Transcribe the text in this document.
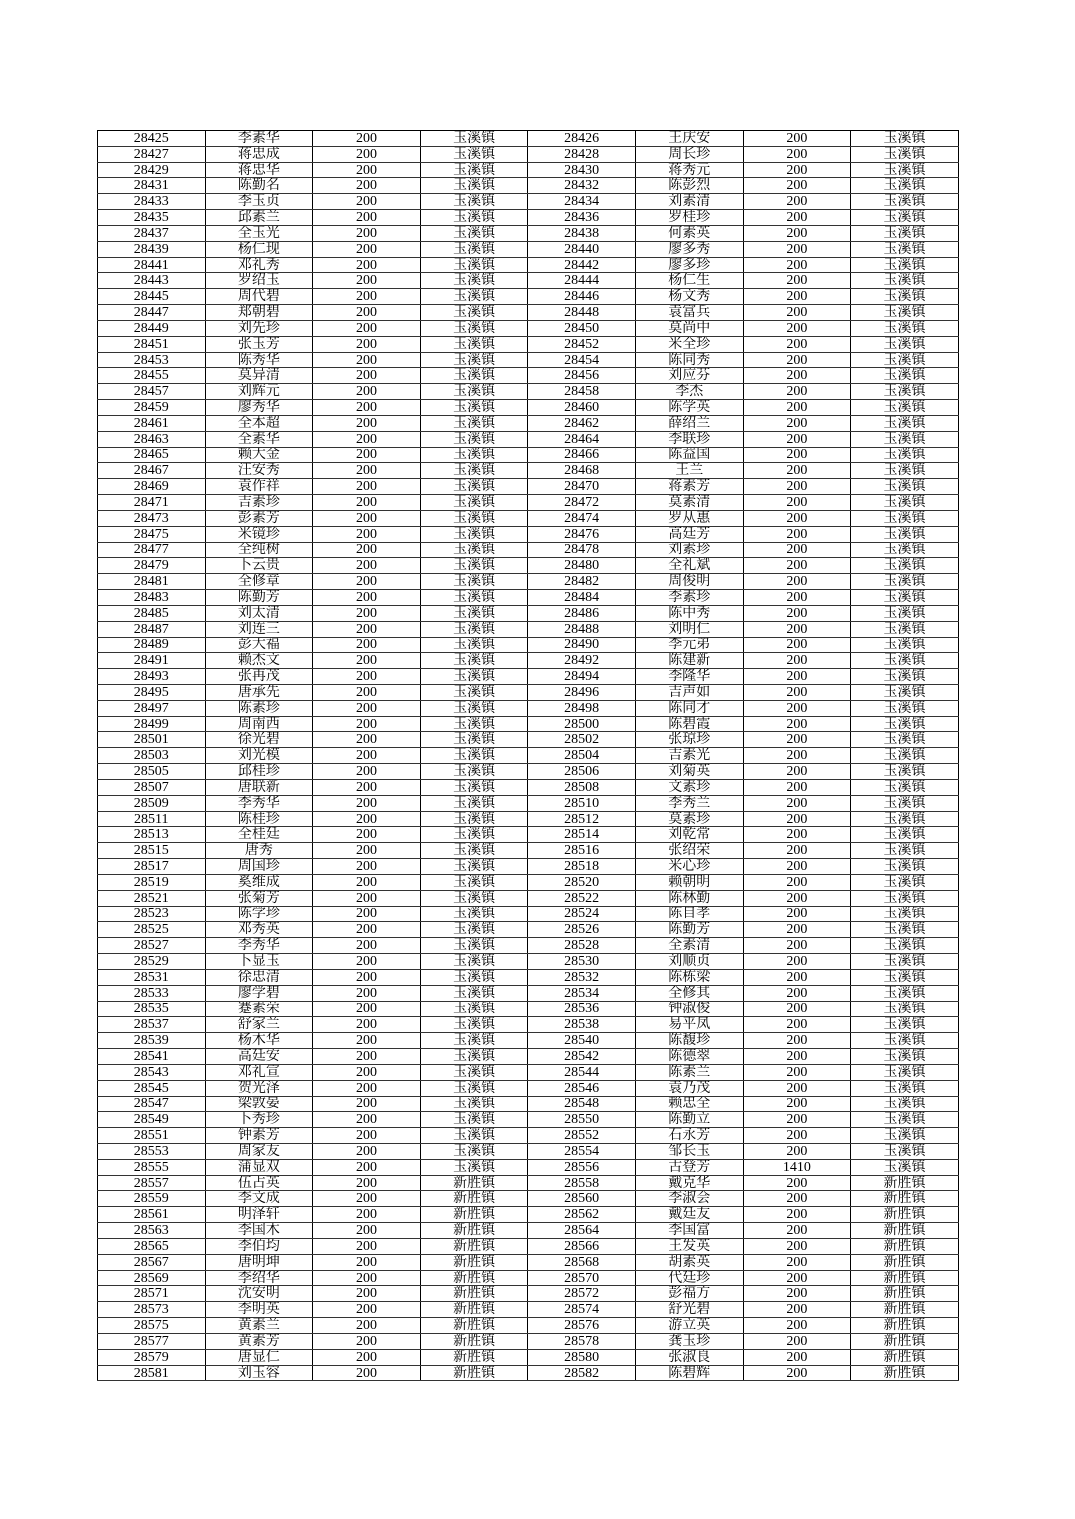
28425	李素华	200	玉溪镇	28426	王庆安	200	玉溪镇
28427	蒋忠成	200	玉溪镇	28428	周长珍	200	玉溪镇
28429	蒋忠华	200	玉溪镇	28430	蒋秀元	200	玉溪镇
28431	陈勤名	200	玉溪镇	28432	陈彭烈	200	玉溪镇
28433	李玉贞	200	玉溪镇	28434	刘素清	200	玉溪镇
28435	邱素兰	200	玉溪镇	28436	罗桂珍	200	玉溪镇
28437	全玉光	200	玉溪镇	28438	何素英	200	玉溪镇
28439	杨仁现	200	玉溪镇	28440	廖多秀	200	玉溪镇
28441	邓礼秀	200	玉溪镇	28442	廖多珍	200	玉溪镇
28443	罗绍玉	200	玉溪镇	28444	杨仁生	200	玉溪镇
28445	周代碧	200	玉溪镇	28446	杨文秀	200	玉溪镇
28447	郑朝碧	200	玉溪镇	28448	袁富兵	200	玉溪镇
28449	刘先珍	200	玉溪镇	28450	莫尚中	200	玉溪镇
28451	张玉芳	200	玉溪镇	28452	米全珍	200	玉溪镇
28453	陈秀华	200	玉溪镇	28454	陈同秀	200	玉溪镇
28455	莫异清	200	玉溪镇	28456	刘应芬	200	玉溪镇
28457	刘辉元	200	玉溪镇	28458	李杰	200	玉溪镇
28459	廖秀华	200	玉溪镇	28460	陈学英	200	玉溪镇
28461	全本超	200	玉溪镇	28462	薛绍兰	200	玉溪镇
28463	全素华	200	玉溪镇	28464	李联珍	200	玉溪镇
28465	赖大金	200	玉溪镇	28466	陈益国	200	玉溪镇
28467	汪安秀	200	玉溪镇	28468	王兰	200	玉溪镇
28469	袁作祥	200	玉溪镇	28470	蒋素芳	200	玉溪镇
28471	吉素珍	200	玉溪镇	28472	莫素清	200	玉溪镇
28473	彭素芳	200	玉溪镇	28474	罗从惠	200	玉溪镇
28475	米镜珍	200	玉溪镇	28476	高廷芳	200	玉溪镇
28477	全纯树	200	玉溪镇	28478	刘素珍	200	玉溪镇
28479	卜云贵	200	玉溪镇	28480	全礼斌	200	玉溪镇
28481	全修章	200	玉溪镇	28482	周俊明	200	玉溪镇
28483	陈勤芳	200	玉溪镇	28484	李素珍	200	玉溪镇
28485	刘太清	200	玉溪镇	28486	陈中秀	200	玉溪镇
28487	刘连三	200	玉溪镇	28488	刘明仁	200	玉溪镇
28489	彭大福	200	玉溪镇	28490	李元弟	200	玉溪镇
28491	赖杰文	200	玉溪镇	28492	陈建新	200	玉溪镇
28493	张再茂	200	玉溪镇	28494	李隆华	200	玉溪镇
28495	唐承先	200	玉溪镇	28496	吉声如	200	玉溪镇
28497	陈素珍	200	玉溪镇	28498	陈同才	200	玉溪镇
28499	周南西	200	玉溪镇	28500	陈碧霞	200	玉溪镇
28501	徐光碧	200	玉溪镇	28502	张琼珍	200	玉溪镇
28503	刘光模	200	玉溪镇	28504	吉素光	200	玉溪镇
28505	邱桂珍	200	玉溪镇	28506	刘菊英	200	玉溪镇
28507	唐联新	200	玉溪镇	28508	文素珍	200	玉溪镇
28509	李秀华	200	玉溪镇	28510	李秀兰	200	玉溪镇
28511	陈桂珍	200	玉溪镇	28512	莫素珍	200	玉溪镇
28513	全桂廷	200	玉溪镇	28514	刘乾常	200	玉溪镇
28515	唐秀	200	玉溪镇	28516	张绍荣	200	玉溪镇
28517	周国珍	200	玉溪镇	28518	米心珍	200	玉溪镇
28519	奚维成	200	玉溪镇	28520	赖朝明	200	玉溪镇
28521	张菊芳	200	玉溪镇	28522	陈林勤	200	玉溪镇
28523	陈学珍	200	玉溪镇	28524	陈自孝	200	玉溪镇
28525	邓秀英	200	玉溪镇	28526	陈勤芳	200	玉溪镇
28527	李秀华	200	玉溪镇	28528	全素清	200	玉溪镇
28529	卜显玉	200	玉溪镇	28530	刘顺贞	200	玉溪镇
28531	徐忠清	200	玉溪镇	28532	陈栋梁	200	玉溪镇
28533	廖学碧	200	玉溪镇	28534	全修其	200	玉溪镇
28535	蹇素荣	200	玉溪镇	28536	钟淑俊	200	玉溪镇
28537	舒家兰	200	玉溪镇	28538	易平凤	200	玉溪镇
28539	杨木华	200	玉溪镇	28540	陈馥珍	200	玉溪镇
28541	高廷安	200	玉溪镇	28542	陈德翠	200	玉溪镇
28543	邓礼宣	200	玉溪镇	28544	陈素兰	200	玉溪镇
28545	贺光泽	200	玉溪镇	28546	袁乃茂	200	玉溪镇
28547	梁敦晏	200	玉溪镇	28548	赖忠全	200	玉溪镇
28549	卜秀珍	200	玉溪镇	28550	陈勤立	200	玉溪镇
28551	钟素芳	200	玉溪镇	28552	石永芳	200	玉溪镇
28553	周家友	200	玉溪镇	28554	邹长玉	200	玉溪镇
28555	蒲显双	200	玉溪镇	28556	古登芳	1410	玉溪镇
28557	伍占英	200	新胜镇	28558	戴克华	200	新胜镇
28559	李文成	200	新胜镇	28560	李淑会	200	新胜镇
28561	明泽轩	200	新胜镇	28562	戴廷友	200	新胜镇
28563	李国木	200	新胜镇	28564	李国富	200	新胜镇
28565	李伯均	200	新胜镇	28566	王发英	200	新胜镇
28567	唐明坤	200	新胜镇	28568	胡素英	200	新胜镇
28569	李绍华	200	新胜镇	28570	代廷珍	200	新胜镇
28571	沈安明	200	新胜镇	28572	彭福方	200	新胜镇
28573	李明英	200	新胜镇	28574	舒光碧	200	新胜镇
28575	黄素兰	200	新胜镇	28576	游立英	200	新胜镇
28577	黄素芳	200	新胜镇	28578	龚玉珍	200	新胜镇
28579	唐显仁	200	新胜镇	28580	张淑良	200	新胜镇
28581	刘玉容	200	新胜镇	28582	陈碧辉	200	新胜镇
